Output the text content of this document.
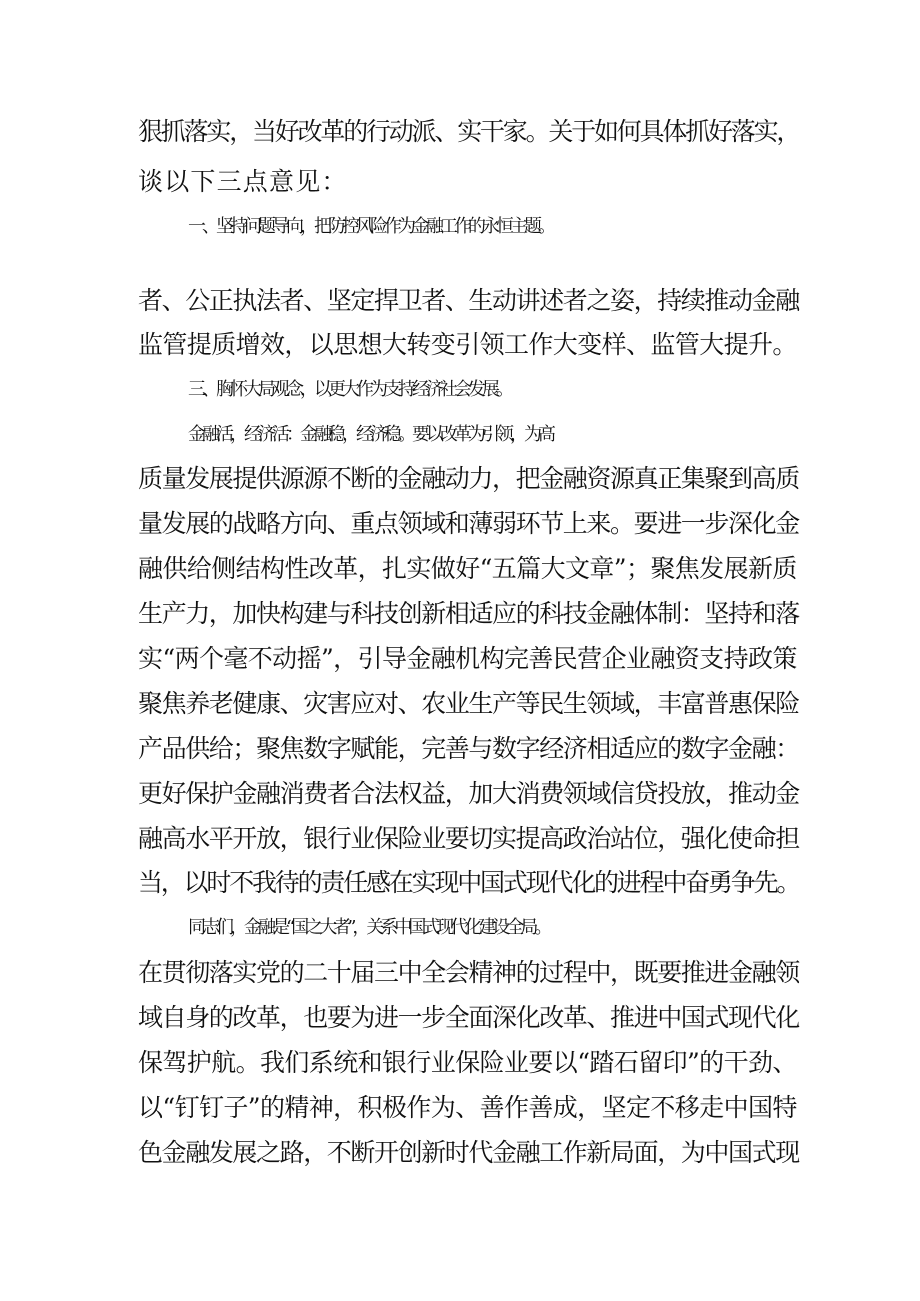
狠抓落实，当好改革的行动派、实干家。关于如何具体抓好落实，

谈以下三点意见：

一、坚持问题导向，把防控风险作为金融工作的永恒主题。

者、公正执法者、坚定捍卫者、生动讲述者之姿，持续推动金融

监管提质增效，以思想大转变引领工作大变样、监管大提升。

三、胸怀大局观念，以更大作为支持经济社会发展。

金融活，经济活：金融稳，经济稳。要以改革为引领，为高

质量发展提供源源不断的金融动力，把金融资源真正集聚到高质

量发展的战略方向、重点领域和薄弱环节上来。要进一步深化金

融供给侧结构性改革，扎实做好“五篇大文章”；聚焦发展新质

生产力，加快构建与科技创新相适应的科技金融体制：坚持和落

实“两个毫不动摇”，引导金融机构完善民营企业融资支持政策

聚焦养老健康、灾害应对、农业生产等民生领域，丰富普惠保险

产品供给；聚焦数字赋能，完善与数字经济相适应的数字金融：

更好保护金融消费者合法权益，加大消费领域信贷投放，推动金

融高水平开放，银行业保险业要切实提高政治站位，强化使命担

当，以时不我待的责任感在实现中国式现代化的进程中奋勇争先。

同志们，金融是“国之大者”，关系中国式现代化建设全局。

在贯彻落实党的二十届三中全会精神的过程中，既要推进金融领

域自身的改革，也要为进一步全面深化改革、推进中国式现代化

保驾护航。我们系统和银行业保险业要以“踏石留印”的干劲、

以“钉钉子”的精神，积极作为、善作善成，坚定不移走中国特

色金融发展之路，不断开创新时代金融工作新局面，为中国式现
